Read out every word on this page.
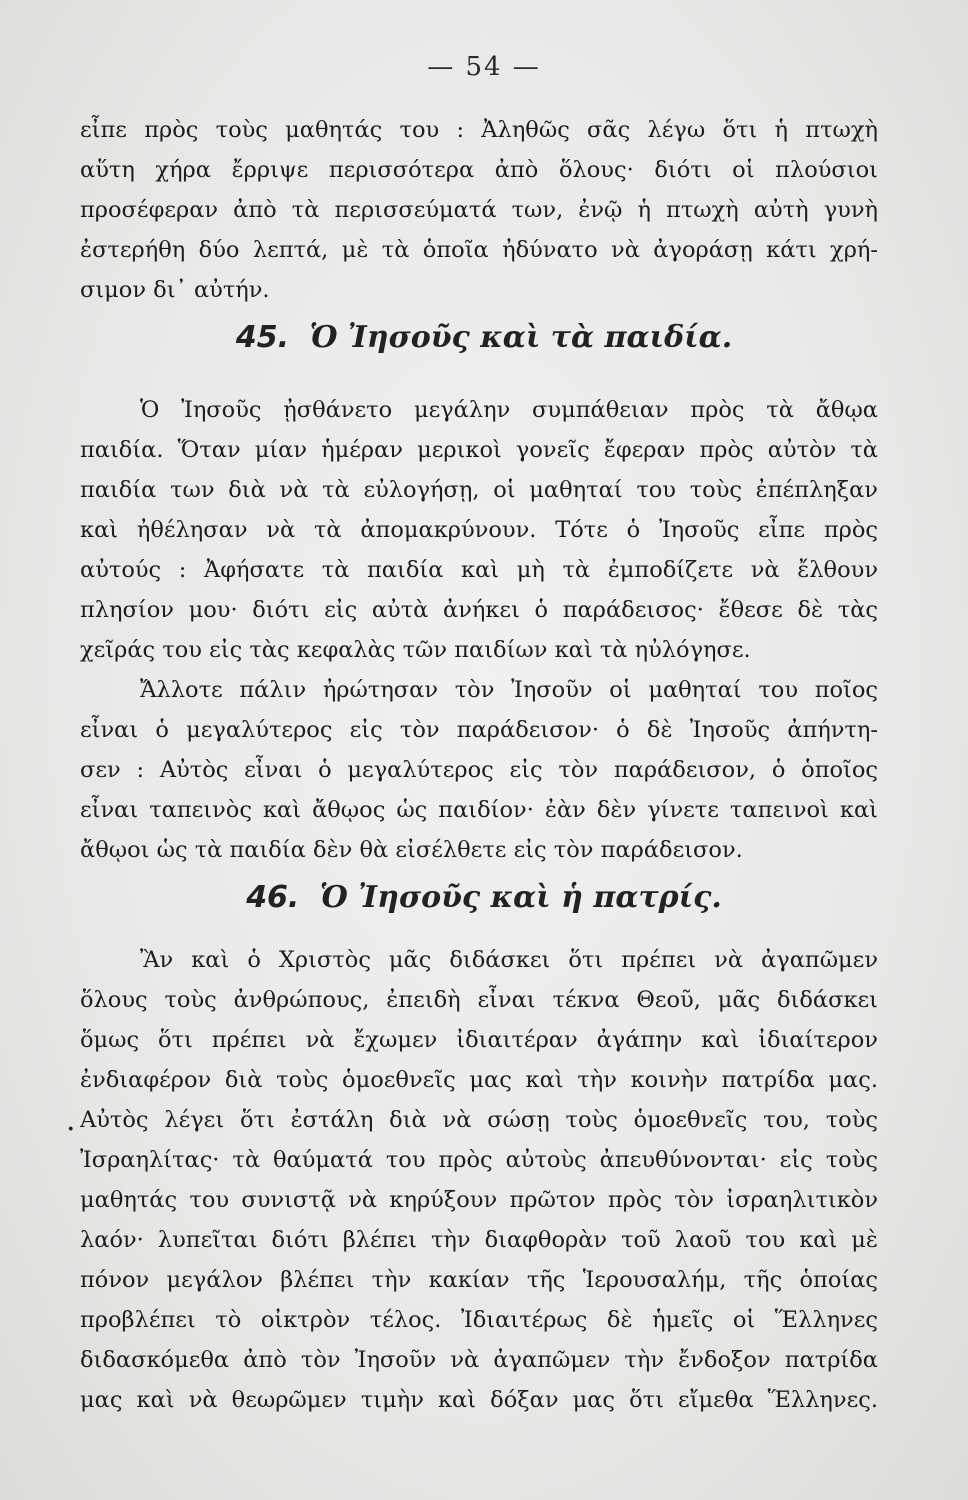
— 54 —
εἶπε πρὸς τοὺς μαθητάς του : Ἀληθῶς σᾶς λέγω ὅτι ἡ πτωχὴ
αὕτη χήρα ἔρριψε περισσότερα ἀπὸ ὅλους· διότι οἱ πλούσιοι
προσέφεραν ἀπὸ τὰ περισσεύματά των, ἐνῷ ἡ πτωχὴ αὐτὴ γυνὴ
ἐστερήθη δύο λεπτά, μὲ τὰ ὁποῖα ἠδύνατο νὰ ἀγοράσῃ κάτι χρή-
σιμον δι᾽ αὐτήν.
45. Ὁ Ἰησοῦς καὶ τὰ παιδία.
Ὁ Ἰησοῦς ᾐσθάνετο μεγάλην συμπάθειαν πρὸς τὰ ἄθῳα
παιδία. Ὅταν μίαν ἡμέραν μερικοὶ γονεῖς ἔφεραν πρὸς αὐτὸν τὰ
παιδία των διὰ νὰ τὰ εὐλογήσῃ, οἱ μαθηταί του τοὺς ἐπέπληξαν
καὶ ἠθέλησαν νὰ τὰ ἀπομακρύνουν. Τότε ὁ Ἰησοῦς εἶπε πρὸς
αὐτούς : Ἀφήσατε τὰ παιδία καὶ μὴ τὰ ἐμποδίζετε νὰ ἔλθουν
πλησίον μου· διότι εἰς αὐτὰ ἀνήκει ὁ παράδεισος· ἔθεσε δὲ τὰς
χεῖράς του εἰς τὰς κεφαλὰς τῶν παιδίων καὶ τὰ ηὐλόγησε.
Ἄλλοτε πάλιν ἠρώτησαν τὸν Ἰησοῦν οἱ μαθηταί του ποῖος
εἶναι ὁ μεγαλύτερος εἰς τὸν παράδεισον· ὁ δὲ Ἰησοῦς ἀπήντη-
σεν : Αὐτὸς εἶναι ὁ μεγαλύτερος εἰς τὸν παράδεισον, ὁ ὁποῖος
εἶναι ταπεινὸς καὶ ἄθῳος ὡς παιδίον· ἐὰν δὲν γίνετε ταπεινοὶ καὶ
ἄθῳοι ὡς τὰ παιδία δὲν θὰ εἰσέλθετε εἰς τὸν παράδεισον.
46. Ὁ Ἰησοῦς καὶ ἡ πατρίς.
Ἂν καὶ ὁ Χριστὸς μᾶς διδάσκει ὅτι πρέπει νὰ ἀγαπῶμεν
ὅλους τοὺς ἀνθρώπους, ἐπειδὴ εἶναι τέκνα Θεοῦ, μᾶς διδάσκει
ὅμως ὅτι πρέπει νὰ ἔχωμεν ἰδιαιτέραν ἀγάπην καὶ ἰδιαίτερον
ἐνδιαφέρον διὰ τοὺς ὁμοεθνεῖς μας καὶ τὴν κοινὴν πατρίδα μας.
Αὐτὸς λέγει ὅτι ἐστάλη διὰ νὰ σώσῃ τοὺς ὁμοεθνεῖς του, τοὺς
Ἰσραηλίτας· τὰ θαύματά του πρὸς αὐτοὺς ἀπευθύνονται· εἰς τοὺς
μαθητάς του συνιστᾷ νὰ κηρύξουν πρῶτον πρὸς τὸν ἰσραηλιτικὸν
λαόν· λυπεῖται διότι βλέπει τὴν διαφθορὰν τοῦ λαοῦ του καὶ μὲ
πόνον μεγάλον βλέπει τὴν κακίαν τῆς Ἱερουσαλήμ, τῆς ὁποίας
προβλέπει τὸ οἰκτρὸν τέλος. Ἰδιαιτέρως δὲ ἡμεῖς οἱ Ἕλληνες
διδασκόμεθα ἀπὸ τὸν Ἰησοῦν νὰ ἀγαπῶμεν τὴν ἔνδοξον πατρίδα
μας καὶ νὰ θεωρῶμεν τιμὴν καὶ δόξαν μας ὅτι εἴμεθα Ἕλληνες.
·
